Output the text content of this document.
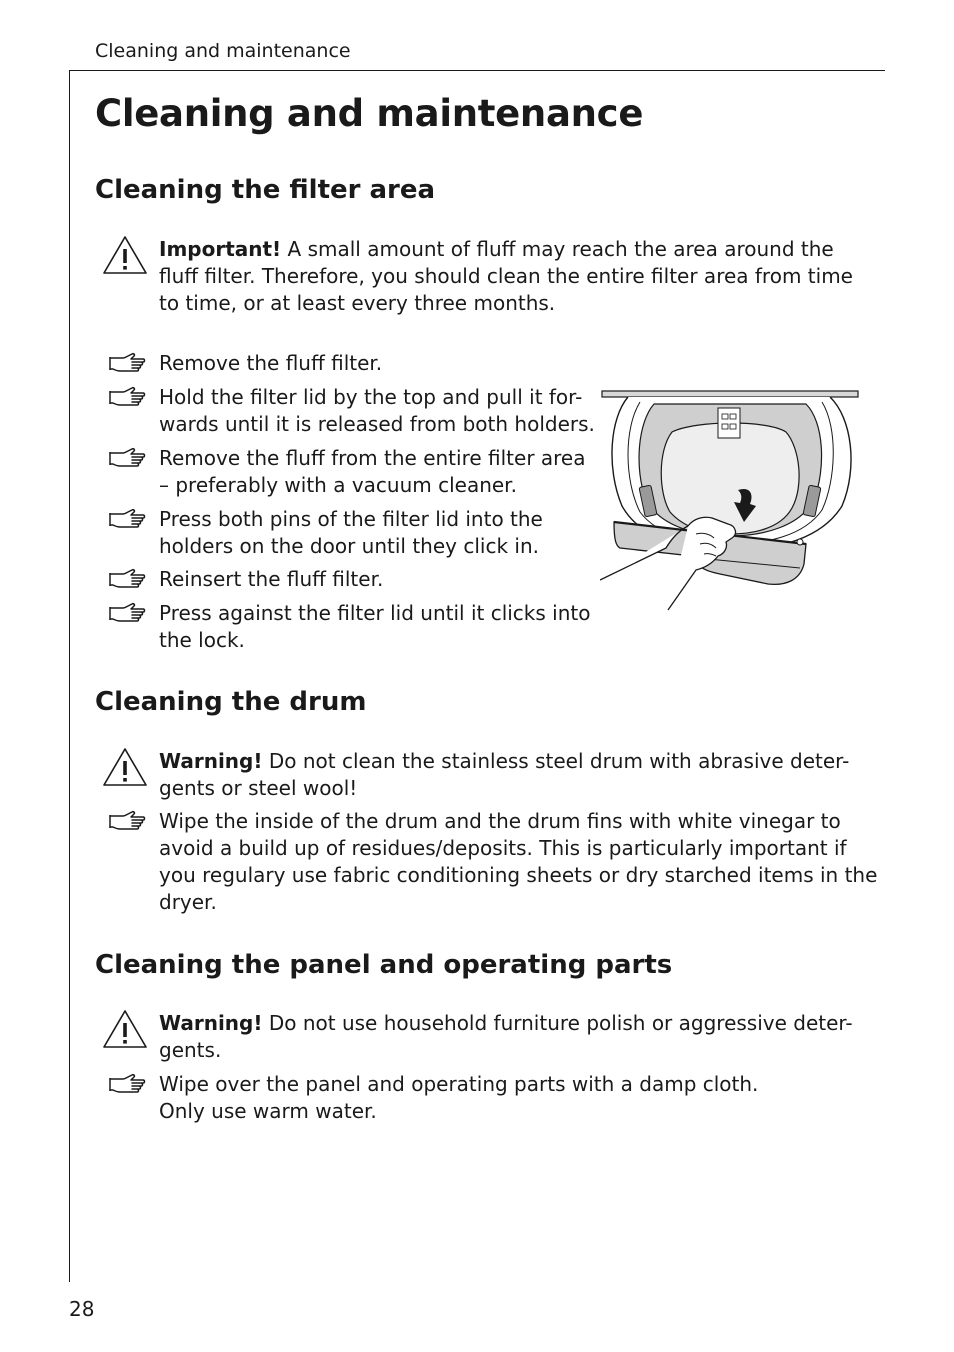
Cleaning and maintenance
Cleaning and maintenance
Cleaning the filter area
Important! A small amount of fluff may reach the area around the
fluff filter. Therefore, you should clean the entire filter area from time
to time, or at least every three months.
Remove the fluff filter.
Hold the filter lid by the top and pull it for-
wards until it is released from both holders.
Remove the fluff from the entire filter area
– preferably with a vacuum cleaner.
Press both pins of the filter lid into the
holders on the door until they click in.
Reinsert the fluff filter.
Press against the filter lid until it clicks into
the lock.
Cleaning the drum
Warning! Do not clean the stainless steel drum with abrasive deter-
gents or steel wool!
Wipe the inside of the drum and the drum fins with white vinegar to
avoid a build up of residues/deposits. This is particularly important if
you regulary use fabric conditioning sheets or dry starched items in the
dryer.
Cleaning the panel and operating parts
Warning! Do not use household furniture polish or aggressive deter-
gents.
Wipe over the panel and operating parts with a damp cloth.
Only use warm water.
28
